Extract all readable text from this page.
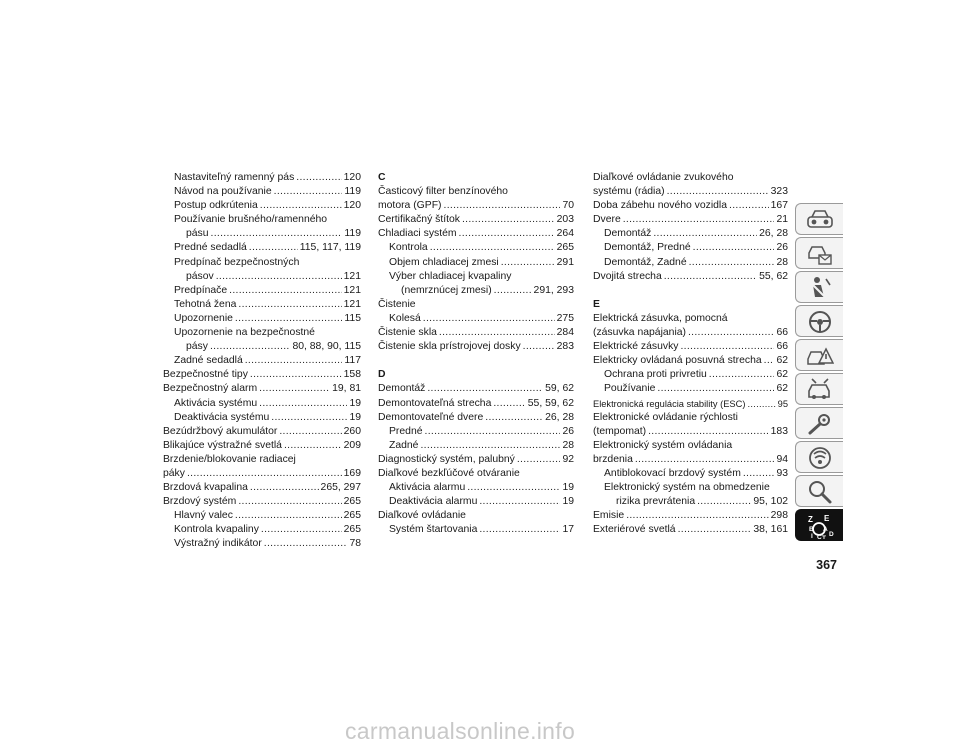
Nastaviteľný ramenný pás .....	120
Návod na používanie .....	119
Postup odkrútenia .....	120
Používanie brušného/ramenného
pásu .....	119
Predné sedadlá .....	115, 117, 119
Predpínač bezpečnostných
pásov .....	121
Predpínače .....	121
Tehotná žena .....	121
Upozornenie .....	115
Upozornenie na bezpečnostné
pásy .....	80, 88, 90, 115
Zadné sedadlá .....	117
Bezpečnostné tipy .....	158
Bezpečnostný alarm .....	19, 81
Aktivácia systému .....	19
Deaktivácia systému .....	19
Bezúdržbový akumulátor .....	260
Blikajúce výstražné svetlá .....	209
Brzdenie/blokovanie radiacej
páky .....	169
Brzdová kvapalina .....	265, 297
Brzdový systém .....	265
Hlavný valec .....	265
Kontrola kvapaliny .....	265
Výstražný indikátor .....	78
C
Časticový filter benzínového
motora (GPF) .....	70
Certifikačný štítok .....	203
Chladiaci systém .....	264
Kontrola .....	265
Objem chladiacej zmesi .....	291
Výber chladiacej kvapaliny
(nemrznúcej zmesi) .....	291, 293
Čistenie
Kolesá .....	275
Čistenie skla .....	284
Čistenie skla prístrojovej dosky .....	283
D
Demontáž .....	59, 62
Demontovateľná strecha .....	55, 59, 62
Demontovateľné dvere .....	26, 28
Predné .....	26
Zadné .....	28
Diagnostický systém, palubný .....	92
Diaľkové bezkľúčové otváranie
Aktivácia alarmu .....	19
Deaktivácia alarmu .....	19
Diaľkové ovládanie
Systém štartovania .....	17
Diaľkové ovládanie zvukového
systému (rádia) .....	323
Doba zábehu nového vozidla .....	167
Dvere .....	21
Demontáž .....	26, 28
Demontáž, Predné .....	26
Demontáž, Zadné .....	28
Dvojitá strecha .....	55, 62
E
Elektrická zásuvka, pomocná
(zásuvka napájania) .....	66
Elektrické zásuvky .....	66
Elektricky ovládaná posuvná strecha ..... 62
Ochrana proti privretiu .....	62
Používanie .....	62
Elektronická regulácia stability (ESC) .....	95
Elektronické ovládanie rýchlosti
(tempomat) .....	183
Elektronický systém ovládania
brzdenia .....	94
Antiblokovací brzdový systém .....	93
Elektronický systém na obmedzenie
rizika prevrátenia .....	95, 102
Emisie .....	298
Exteriérové svetlá .....	38, 161
Z E
B A
I C T
D
367
carmanualsonline.info
